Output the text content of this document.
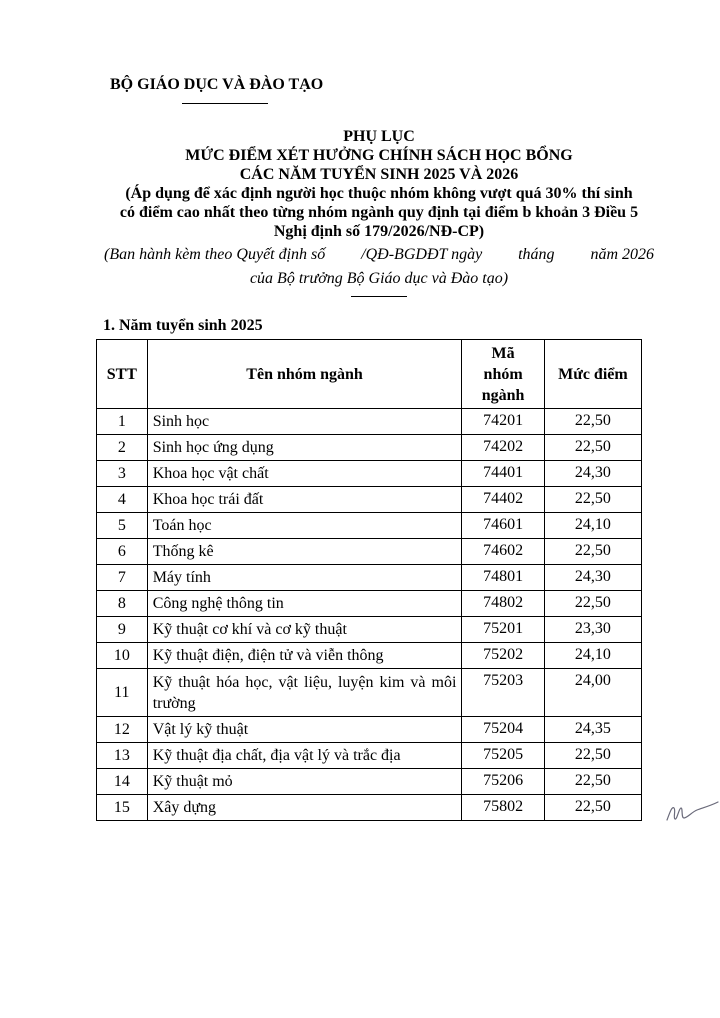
BỘ GIÁO DỤC VÀ ĐÀO TẠO
PHỤ LỤC
MỨC ĐIỂM XÉT HƯỞNG CHÍNH SÁCH HỌC BỔNG
CÁC NĂM TUYỂN SINH 2025 VÀ 2026
(Áp dụng để xác định người học thuộc nhóm không vượt quá 30% thí sinh
có điểm cao nhất theo từng nhóm ngành quy định tại điểm b khoản 3 Điều 5
Nghị định số 179/2026/NĐ-CP)
(Ban hành kèm theo Quyết định số /QĐ-BGDĐT ngày tháng năm 2026
của Bộ trưởng Bộ Giáo dục và Đào tạo)
1. Năm tuyển sinh 2025
STT	Tên nhóm ngành	Mã
nhóm
ngành	Mức điểm
1	Sinh học	74201	22,50
2	Sinh học ứng dụng	74202	22,50
3	Khoa học vật chất	74401	24,30
4	Khoa học trái đất	74402	22,50
5	Toán học	74601	24,10
6	Thống kê	74602	22,50
7	Máy tính	74801	24,30
8	Công nghệ thông tin	74802	22,50
9	Kỹ thuật cơ khí và cơ kỹ thuật	75201	23,30
10	Kỹ thuật điện, điện tử và viễn thông	75202	24,10
11	Kỹ thuật hóa học, vật liệu, luyện kim và môi trường	75203	24,00
12	Vật lý kỹ thuật	75204	24,35
13	Kỹ thuật địa chất, địa vật lý và trắc địa	75205	22,50
14	Kỹ thuật mỏ	75206	22,50
15	Xây dựng	75802	22,50
